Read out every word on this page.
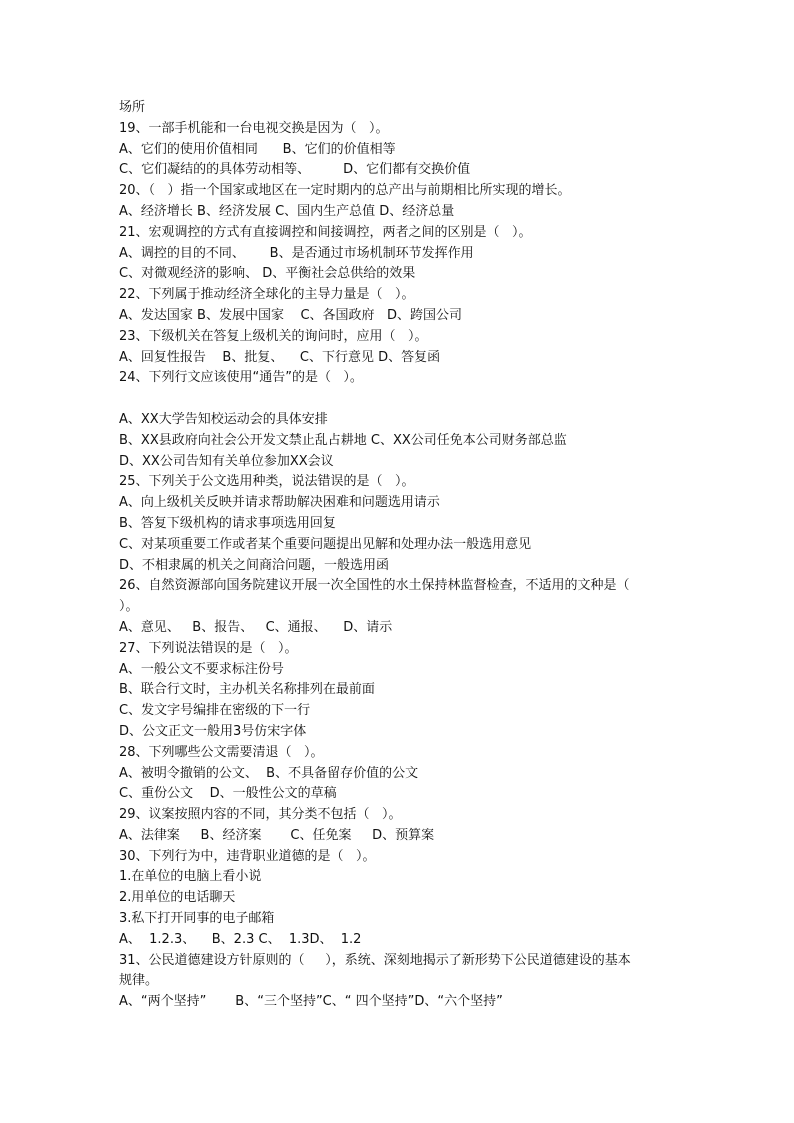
场所
19、一部手机能和一台电视交换是因为（   ）。
A、它们的使用价值相同      B、它们的价值相等
C、它们凝结的的具体劳动相等、        D、它们都有交换价值
20、（   ）指一个国家或地区在一定时期内的总产出与前期相比所实现的增长。
A、经济增长 B、经济发展 C、国内生产总值 D、经济总量
21、宏观调控的方式有直接调控和间接调控，两者之间的区别是（   ）。
A、调控的目的不同、      B、是否通过市场机制环节发挥作用
C、对微观经济的影响、 D、平衡社会总供给的效果
22、下列属于推动经济全球化的主导力量是（   ）。
A、发达国家 B、发展中国家    C、各国政府   D、跨国公司
23、下级机关在答复上级机关的询问时，应用（   ）。
A、回复性报告    B、批复、    C、下行意见 D、答复函
24、下列行文应该使用“通告”的是（   ）。
A、XX大学告知校运动会的具体安排
B、XX县政府向社会公开发文禁止乱占耕地 C、XX公司任免本公司财务部总监
D、XX公司告知有关单位参加XX会议
25、下列关于公文选用种类，说法错误的是（   ）。
A、向上级机关反映并请求帮助解决困难和问题选用请示
B、答复下级机构的请求事项选用回复
C、对某项重要工作或者某个重要问题提出见解和处理办法一般选用意见
D、不相隶属的机关之间商洽问题，一般选用函
26、自然资源部向国务院建议开展一次全国性的水土保持林监督检查，不适用的文种是（
）。
A、意见、   B、报告、   C、通报、    D、请示
27、下列说法错误的是（   ）。
A、一般公文不要求标注份号
B、联合行文时，主办机关名称排列在最前面
C、发文字号编排在密级的下一行
D、公文正文一般用3号仿宋字体
28、下列哪些公文需要清退（   ）。
A、被明令撤销的公文、  B、不具备留存价值的公文
C、重份公文    D、一般性公文的草稿
29、议案按照内容的不同，其分类不包括（   ）。
A、法律案     B、经济案       C、任免案     D、预算案
30、下列行为中，违背职业道德的是（   ）。
1.在单位的电脑上看小说
2.用单位的电话聊天
3.私下打开同事的电子邮箱
A、  1.2.3、    B、2.3 C、  1.3D、  1.2
31、公民道德建设方针原则的（     ），系统、深刻地揭示了新形势下公民道德建设的基本
规律。
A、“两个坚持”       B、“三个坚持”C、“ 四个坚持”D、“六个坚持”
